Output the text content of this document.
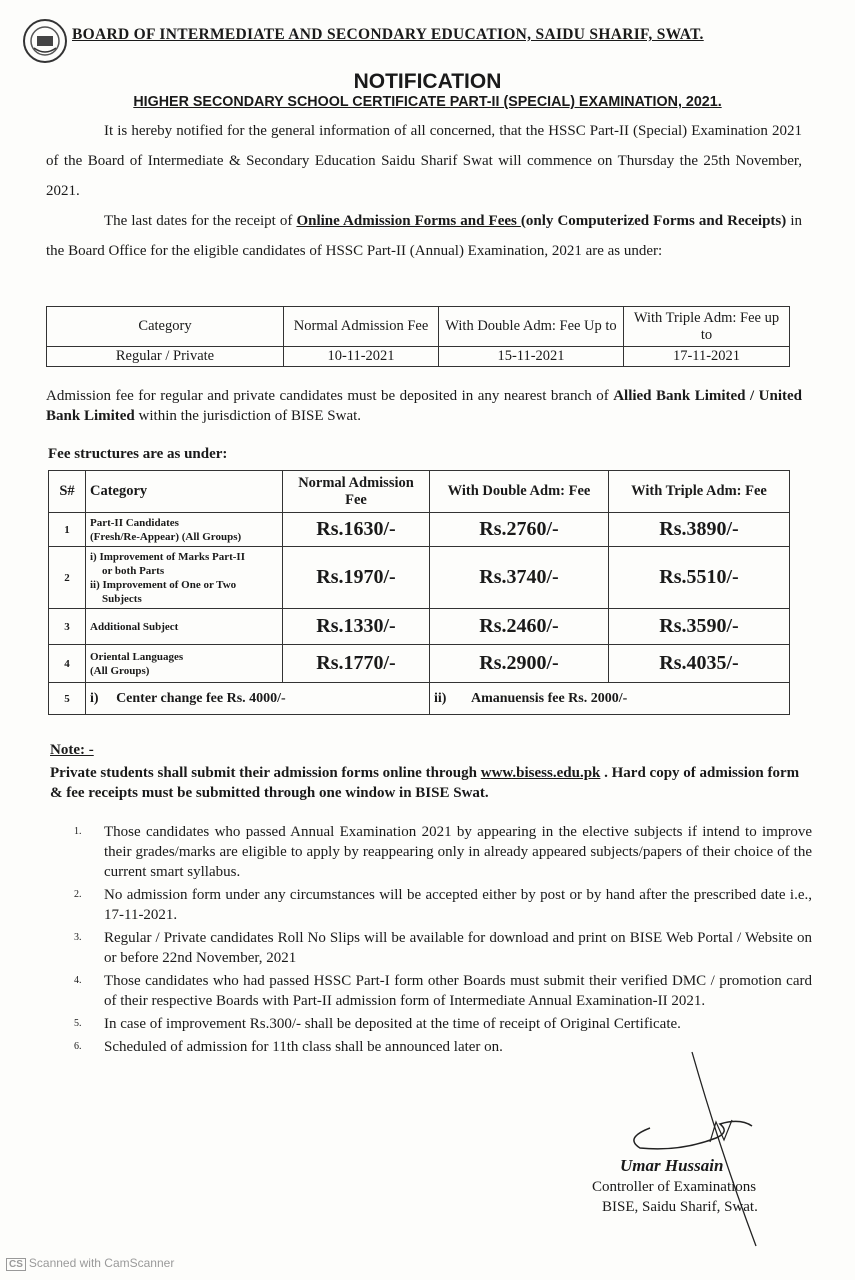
BOARD OF INTERMEDIATE AND SECONDARY EDUCATION, SAIDU SHARIF, SWAT.
NOTIFICATION
HIGHER SECONDARY SCHOOL CERTIFICATE PART-II (SPECIAL) EXAMINATION, 2021.

It is hereby notified for the general information of all concerned, that the HSSC Part-II (Special) Examination 2021 of the Board of Intermediate & Secondary Education Saidu Sharif Swat will commence on Thursday the 25th November, 2021.

The last dates for the receipt of Online Admission Forms and Fees (only Computerized Forms and Receipts) in the Board Office for the eligible candidates of HSSC Part-II (Annual) Examination, 2021 are as under:

Category	Normal Admission Fee	With Double Adm: Fee Up to	With Triple Adm: Fee up to
Regular / Private	10-11-2021	15-11-2021	17-11-2021
Admission fee for regular and private candidates must be deposited in any nearest branch of Allied Bank Limited / United Bank Limited within the jurisdiction of BISE Swat.
Fee structures are as under:
S#	Category	Normal Admission Fee	With Double Adm: Fee	With Triple Adm: Fee
1	Part-II Candidates
(Fresh/Re-Appear) (All Groups)	Rs.1630/-	Rs.2760/-	Rs.3890/-
2	i) Improvement of Marks Part-II
or both Parts
ii) Improvement of One or Two
Subjects	Rs.1970/-	Rs.3740/-	Rs.5510/-
3	Additional Subject	Rs.1330/-	Rs.2460/-	Rs.3590/-
4	Oriental Languages
(All Groups)	Rs.1770/-	Rs.2900/-	Rs.4035/-
5	i) Center change fee Rs. 4000/-		ii) Amanuensis fee Rs. 2000/-	
Note: -
Private students shall submit their admission forms online through www.bisess.edu.pk . Hard copy of admission form & fee receipts must be submitted through one window in BISE Swat.
1. Those candidates who passed Annual Examination 2021 by appearing in the elective subjects if intend to improve their grades/marks are eligible to apply by reappearing only in already appeared subjects/papers of their choice of the current smart syllabus.
2. No admission form under any circumstances will be accepted either by post or by hand after the prescribed date i.e., 17-11-2021.
3. Regular / Private candidates Roll No Slips will be available for download and print on BISE Web Portal / Website on or before 22nd November, 2021
4. Those candidates who had passed HSSC Part-I form other Boards must submit their verified DMC / promotion card of their respective Boards with Part-II admission form of Intermediate Annual Examination-II 2021.
5. In case of improvement Rs.300/- shall be deposited at the time of receipt of Original Certificate.
6. Scheduled of admission for 11th class shall be announced later on.
Umar Hussain
Controller of Examinations
BISE, Saidu Sharif, Swat.
CS Scanned with CamScanner
